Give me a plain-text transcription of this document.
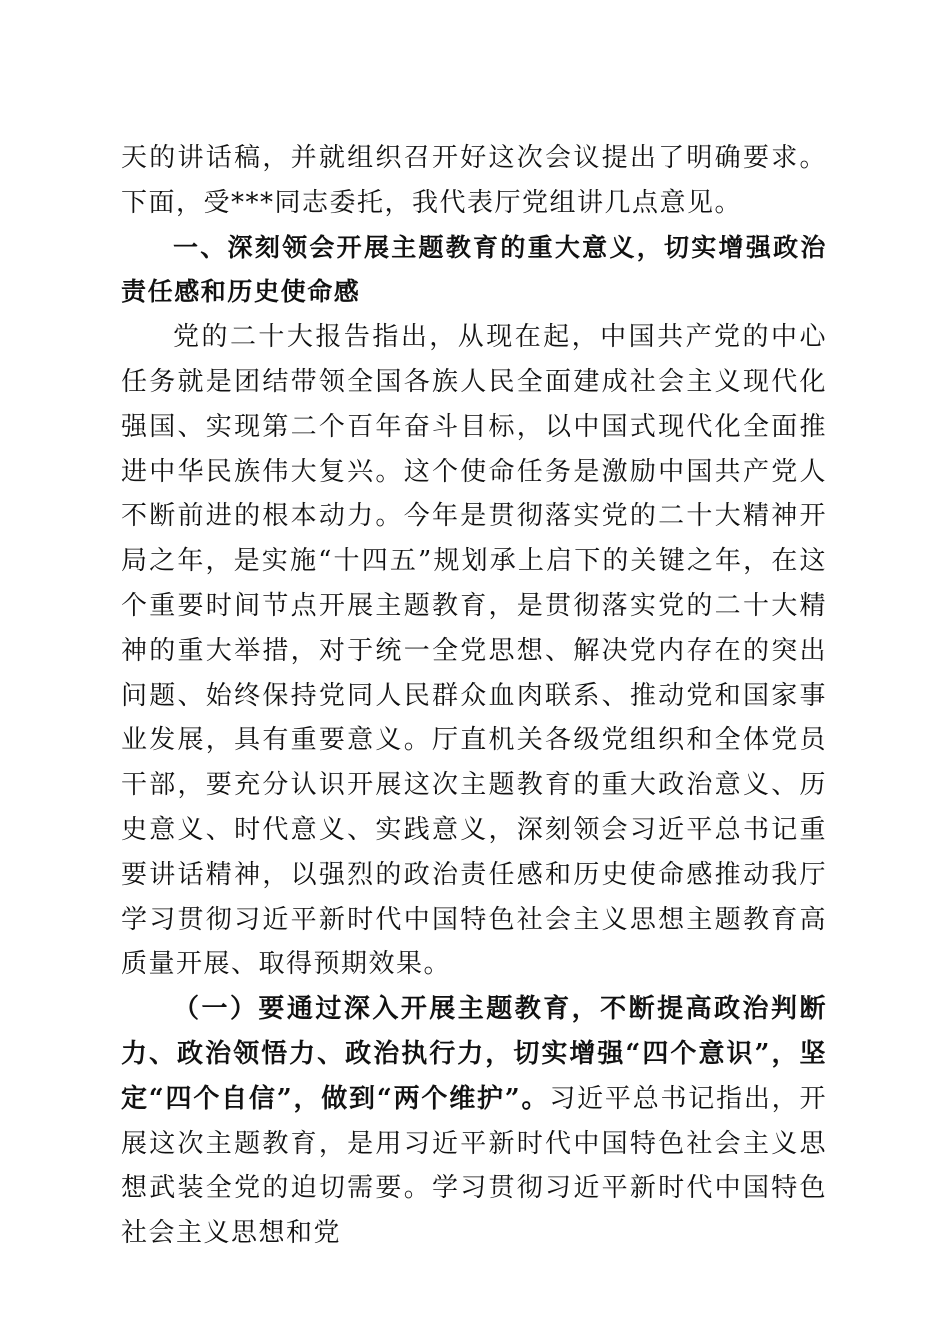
天的讲话稿，并就组织召开好这次会议提出了明确要求。下面，受***同志委托，我代表厅党组讲几点意见。

一、深刻领会开展主题教育的重大意义，切实增强政治责任感和历史使命感

党的二十大报告指出，从现在起，中国共产党的中心任务就是团结带领全国各族人民全面建成社会主义现代化强国、实现第二个百年奋斗目标，以中国式现代化全面推进中华民族伟大复兴。这个使命任务是激励中国共产党人不断前进的根本动力。今年是贯彻落实党的二十大精神开局之年，是实施“十四五”规划承上启下的关键之年，在这个重要时间节点开展主题教育，是贯彻落实党的二十大精神的重大举措，对于统一全党思想、解决党内存在的突出问题、始终保持党同人民群众血肉联系、推动党和国家事业发展，具有重要意义。厅直机关各级党组织和全体党员干部，要充分认识开展这次主题教育的重大政治意义、历史意义、时代意义、实践意义，深刻领会习近平总书记重要讲话精神，以强烈的政治责任感和历史使命感推动我厅学习贯彻习近平新时代中国特色社会主义思想主题教育高质量开展、取得预期效果。

（一）要通过深入开展主题教育，不断提高政治判断力、政治领悟力、政治执行力，切实增强“四个意识”，坚定“四个自信”，做到“两个维护”。习近平总书记指出，开展这次主题教育，是用习近平新时代中国特色社会主义思想武装全党的迫切需要。学习贯彻习近平新时代中国特色社会主义思想和党
